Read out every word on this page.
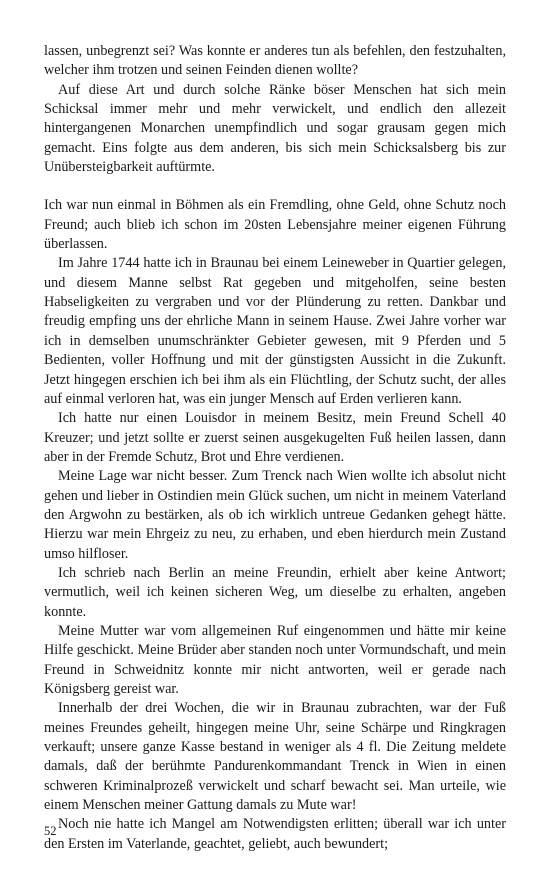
lassen, unbegrenzt sei? Was konnte er anderes tun als befehlen, den festzuhalten, welcher ihm trotzen und seinen Feinden dienen wollte?

Auf diese Art und durch solche Ränke böser Menschen hat sich mein Schicksal immer mehr und mehr verwickelt, und endlich den allezeit hintergangenen Monarchen unempfindlich und sogar grausam gegen mich gemacht. Eins folgte aus dem anderen, bis sich mein Schicksalsberg bis zur Unübersteigbarkeit auftürmte.

Ich war nun einmal in Böhmen als ein Fremdling, ohne Geld, ohne Schutz noch Freund; auch blieb ich schon im 20sten Lebensjahre meiner eigenen Führung überlassen.

Im Jahre 1744 hatte ich in Braunau bei einem Leineweber in Quartier gelegen, und diesem Manne selbst Rat gegeben und mitgeholfen, seine besten Habseligkeiten zu vergraben und vor der Plünderung zu retten. Dankbar und freudig empfing uns der ehrliche Mann in seinem Hause. Zwei Jahre vorher war ich in demselben unumschränkter Gebieter gewesen, mit 9 Pferden und 5 Bedienten, voller Hoffnung und mit der günstigsten Aussicht in die Zukunft. Jetzt hingegen erschien ich bei ihm als ein Flüchtling, der Schutz sucht, der alles auf einmal verloren hat, was ein junger Mensch auf Erden verlieren kann.

Ich hatte nur einen Louisdor in meinem Besitz, mein Freund Schell 40 Kreuzer; und jetzt sollte er zuerst seinen ausgekugelten Fuß heilen lassen, dann aber in der Fremde Schutz, Brot und Ehre verdienen.

Meine Lage war nicht besser. Zum Trenck nach Wien wollte ich absolut nicht gehen und lieber in Ostindien mein Glück suchen, um nicht in meinem Vaterland den Argwohn zu bestärken, als ob ich wirklich untreue Gedanken gehegt hätte. Hierzu war mein Ehrgeiz zu neu, zu erhaben, und eben hierdurch mein Zustand umso hilfloser.

Ich schrieb nach Berlin an meine Freundin, erhielt aber keine Antwort; vermutlich, weil ich keinen sicheren Weg, um dieselbe zu erhalten, angeben konnte.

Meine Mutter war vom allgemeinen Ruf eingenommen und hätte mir keine Hilfe geschickt. Meine Brüder aber standen noch unter Vormundschaft, und mein Freund in Schweidnitz konnte mir nicht antworten, weil er gerade nach Königsberg gereist war.

Innerhalb der drei Wochen, die wir in Braunau zubrachten, war der Fuß meines Freundes geheilt, hingegen meine Uhr, seine Schärpe und Ringkragen verkauft; unsere ganze Kasse bestand in weniger als 4 fl. Die Zeitung meldete damals, daß der berühmte Pandurenkommandant Trenck in Wien in einen schweren Kriminalprozeß verwickelt und scharf bewacht sei. Man urteile, wie einem Menschen meiner Gattung damals zu Mute war!

Noch nie hatte ich Mangel am Notwendigsten erlitten; überall war ich unter den Ersten im Vaterlande, geachtet, geliebt, auch bewundert;

52
